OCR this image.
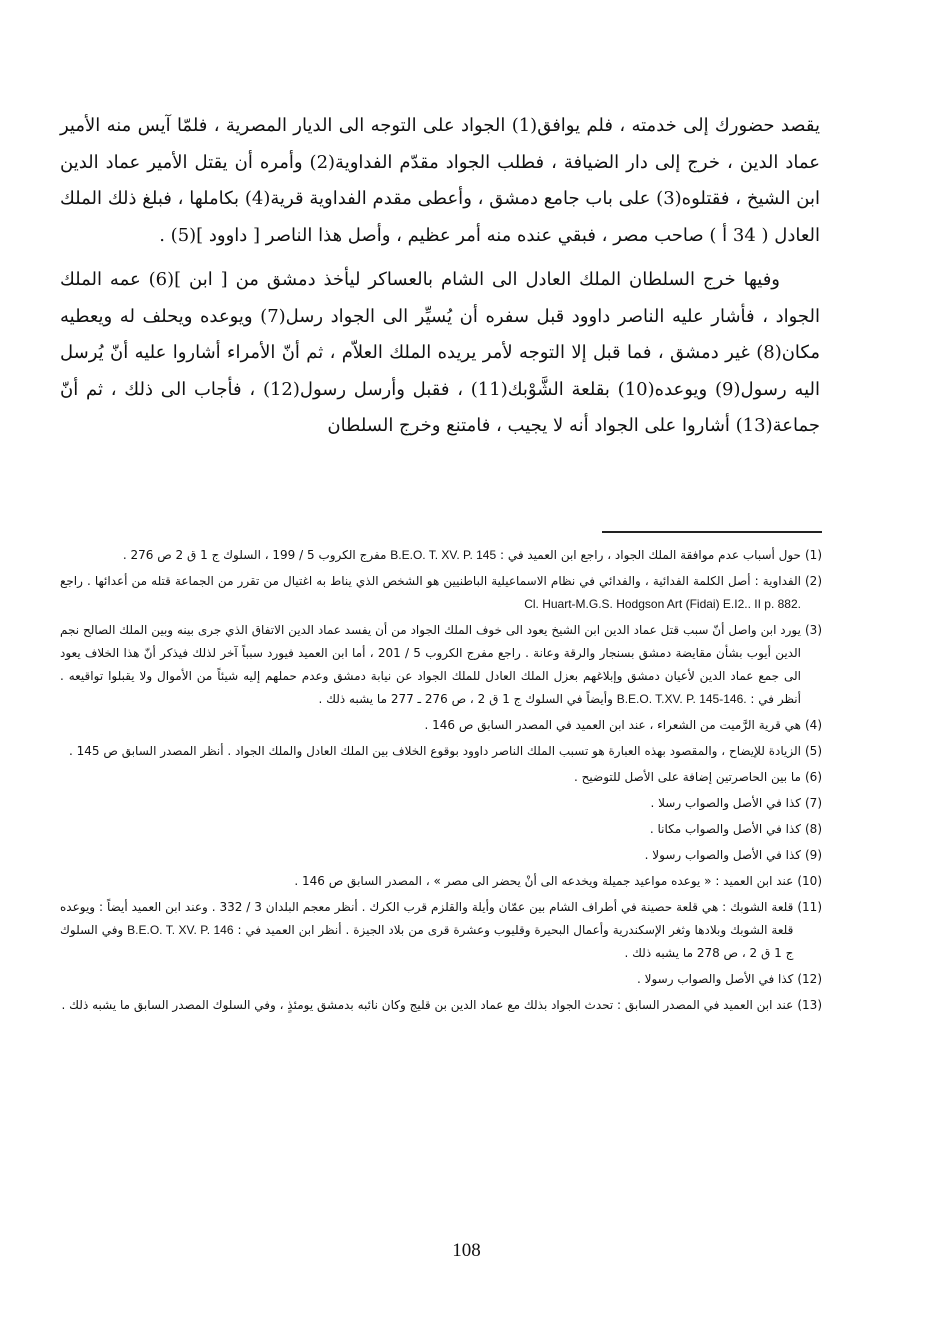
يقصد حضورك إلى خدمته ، فلم يوافق(1) الجواد على التوجه الى الديار المصرية ، فلمّا آيس منه الأمير عماد الدين ، خرج إلى دار الضيافة ، فطلب الجواد مقدّم الفداوية(2) وأمره أن يقتل الأمير عماد الدين ابن الشيخ ، فقتلوه(3) على باب جامع دمشق ، وأعطى مقدم الفداوية قرية(4) بكاملها ، فبلغ ذلك الملك العادل ( 34 أ ) صاحب مصر ، فبقي عنده منه أمر عظيم ، وأصل هذا الناصر [ داوود ](5) .

وفيها خرج السلطان الملك العادل الى الشام بالعساكر ليأخذ دمشق من [ ابن ](6) عمه الملك الجواد ، فأشار عليه الناصر داوود قبل سفره أن يُسيِّر الى الجواد رسل(7) ويوعده ويحلف له ويعطيه مكان(8) غير دمشق ، فما قبل إلا التوجه لأمر يريده الملك العلاّم ، ثم أنّ الأمراء أشاروا عليه أنّ يُرسل اليه رسول(9) ويوعده(10) بقلعة الشَّوْبك(11) ، فقبل وأرسل رسول(12) ، فأجاب الى ذلك ، ثم أنّ جماعة(13) أشاروا على الجواد أنه لا يجيب ، فامتنع وخرج السلطان

(1)
حول أسباب عدم موافقة الملك الجواد ، راجع ابن العميد في : B.E.O. T. XV. P. 145 مفرج الكروب 5 / 199 ، السلوك ج 1 ق 2 ص 276 .
(2)
الفداوية : أصل الكلمة الفدائية ، والفدائي في نظام الاسماعيلية الباطنيين هو الشخص الذي يناط به اغتيال من تقرر من الجماعة قتله من أعدائها . راجع Cl. Huart-M.G.S. Hodgson Art (Fidai) E.I2.. II p. 882.
(3)
يورد ابن واصل أنّ سبب قتل عماد الدين ابن الشيخ يعود الى خوف الملك الجواد من أن يفسد عماد الدين الاتفاق الذي جرى بينه وبين الملك الصالح نجم الدين أيوب بشأن مقايضة دمشق بسنجار والرقة وعانة . راجع مفرج الكروب 5 / 201 ، أما ابن العميد فيورد سبباً آخر لذلك فيذكر أنّ هذا الخلاف يعود الى جمع عماد الدين لأعيان دمشق وإبلاغهم بعزل الملك العادل للملك الجواد عن نيابة دمشق وعدم حملهم إليه شيئاً من الأموال ولا يقبلوا تواقيعه . أنظر في : B.E.O. T.XV. P. 145-146. وأيضاً في السلوك ج 1 ق 2 ، ص 276 ـ 277 ما يشبه ذلك .
(4)
هي قرية الرَّميت من الشعراء ، عند ابن العميد في المصدر السابق ص 146 .
(5)
الزيادة للإيضاح ، والمقصود بهذه العبارة هو تسبب الملك الناصر داوود بوقوع الخلاف بين الملك العادل والملك الجواد . أنظر المصدر السابق ص 145 .
(6)
ما بين الحاصرتين إضافة على الأصل للتوضيح .
(7)
كذا في الأصل والصواب رسلا .
(8)
كذا في الأصل والصواب مكانا .
(9)
كذا في الأصل والصواب رسولا .
(10)
عند ابن العميد : « يوعده مواعيد جميلة ويخدعه الى أنْ يحضر الى مصر » ، المصدر السابق ص 146 .
(11)
قلعة الشوبك : هي قلعة حصينة في أطراف الشام بين عمّان وأيلة والقلزم قرب الكرك . أنظر معجم البلدان 3 / 332 . وعند ابن العميد أيضاً : ويوعده قلعة الشوبك وبلادها وثغر الإسكندرية وأعمال البحيرة وقليوب وعشرة قرى من بلاد الجيزة . أنظر ابن العميد في : B.E.O. T. XV. P. 146 وفي السلوك ج 1 ق 2 ، ص 278 ما يشبه ذلك .
(12)
كذا في الأصل والصواب رسولا .
(13)
عند ابن العميد في المصدر السابق : تحدث الجواد بذلك مع عماد الدين بن قليج وكان نائبه بدمشق يومئذٍ ، وفي السلوك المصدر السابق ما يشبه ذلك .
108
